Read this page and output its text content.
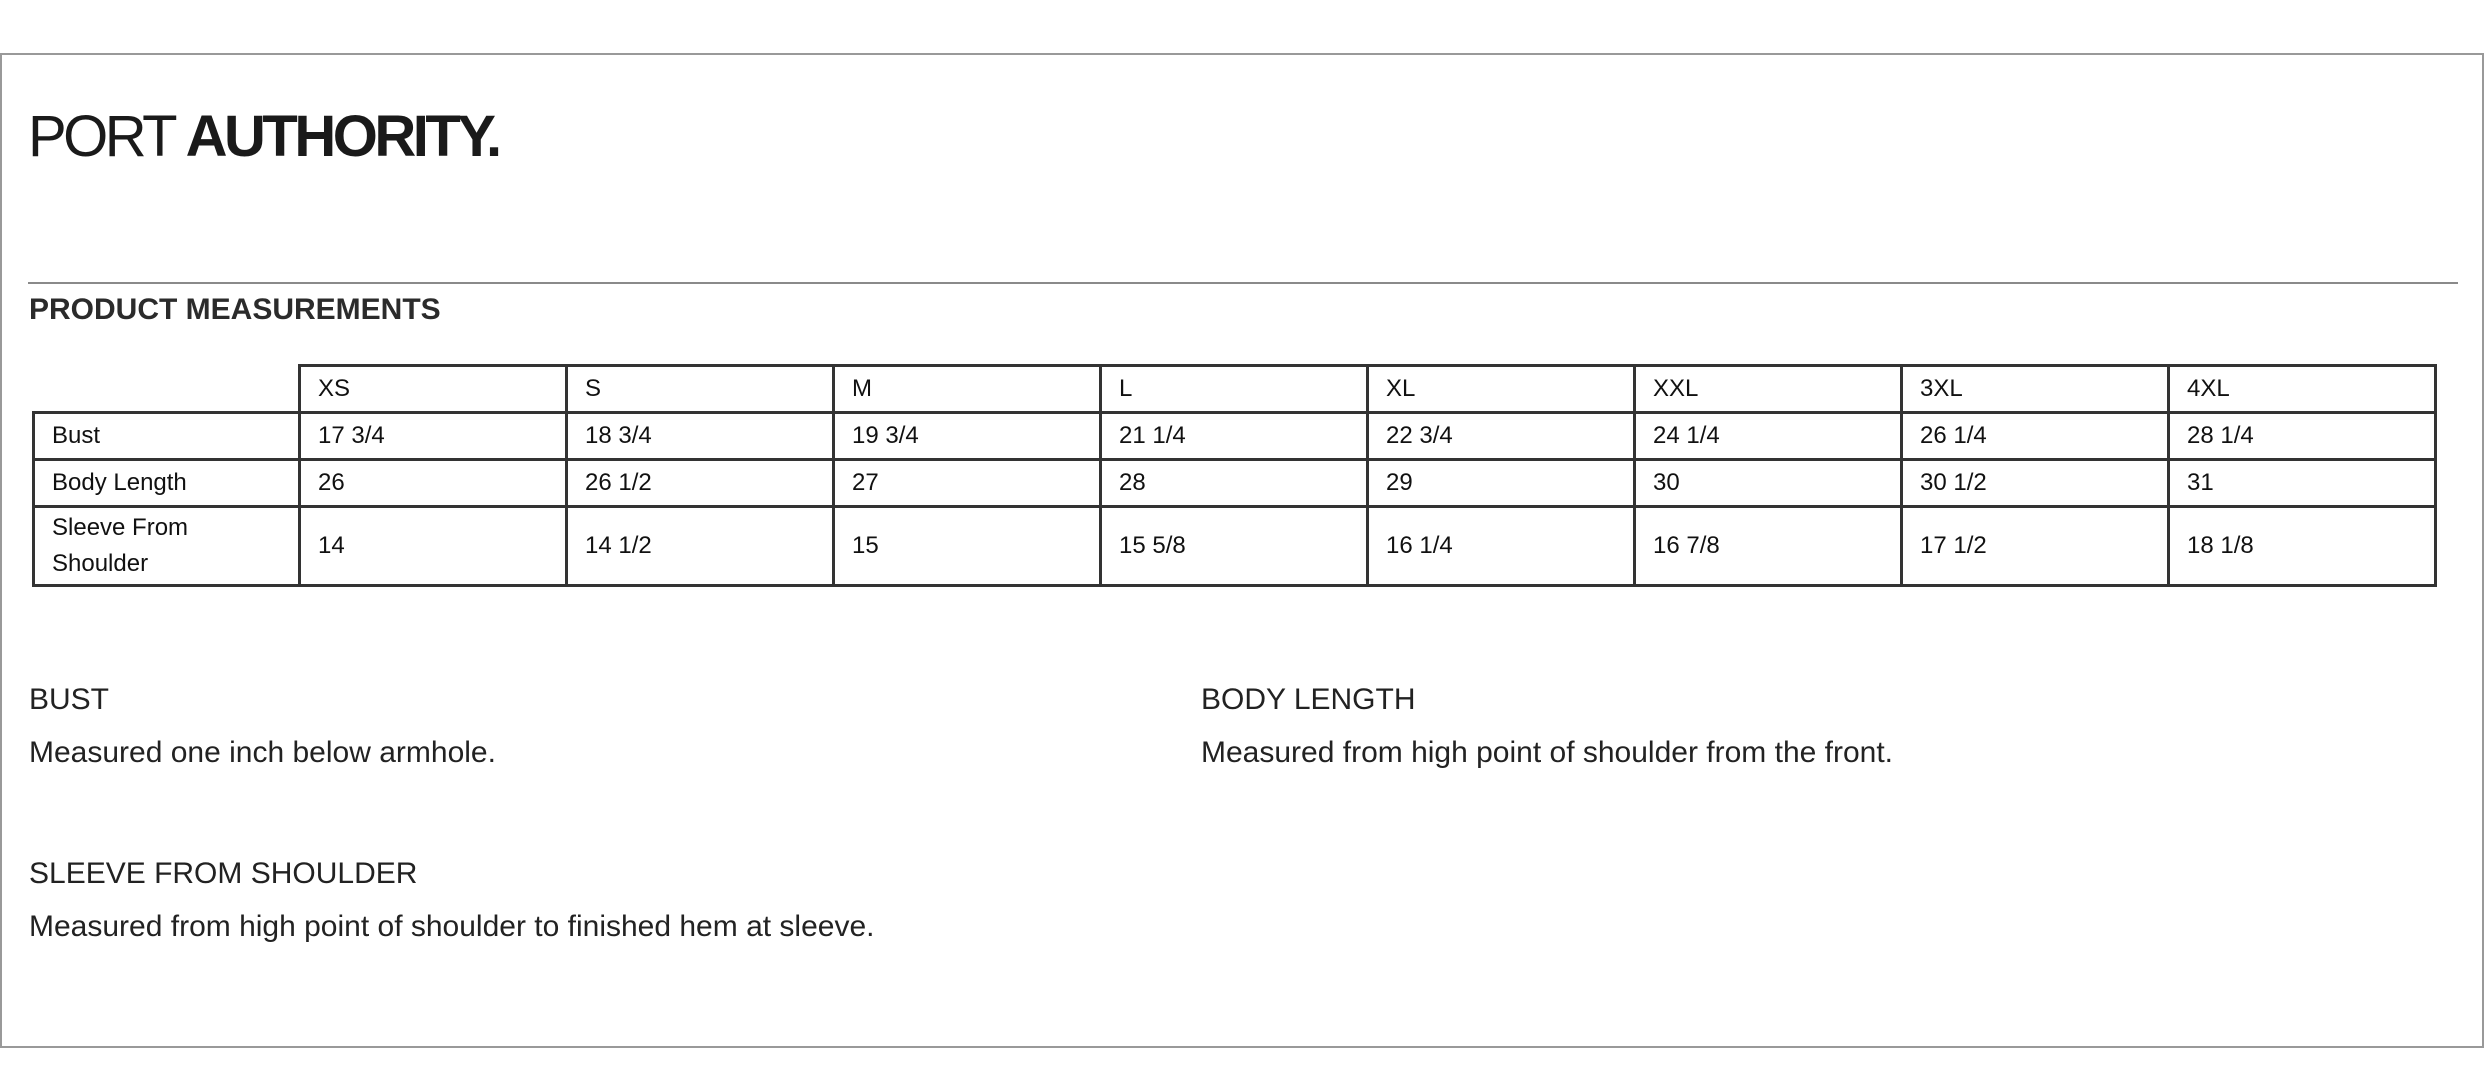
PORT AUTHORITY.
PRODUCT MEASUREMENTS
	XS	S	M	L	XL	XXL	3XL	4XL
Bust	17 3/4	18 3/4	19 3/4	21 1/4	22 3/4	24 1/4	26 1/4	28 1/4
Body Length	26	26 1/2	27	28	29	30	30 1/2	31
Sleeve From Shoulder	14	14 1/2	15	15 5/8	16 1/4	16 7/8	17 1/2	18 1/8
BUST
Measured one inch below armhole.
BODY LENGTH
Measured from high point of shoulder from the front.
SLEEVE FROM SHOULDER
Measured from high point of shoulder to finished hem at sleeve.
